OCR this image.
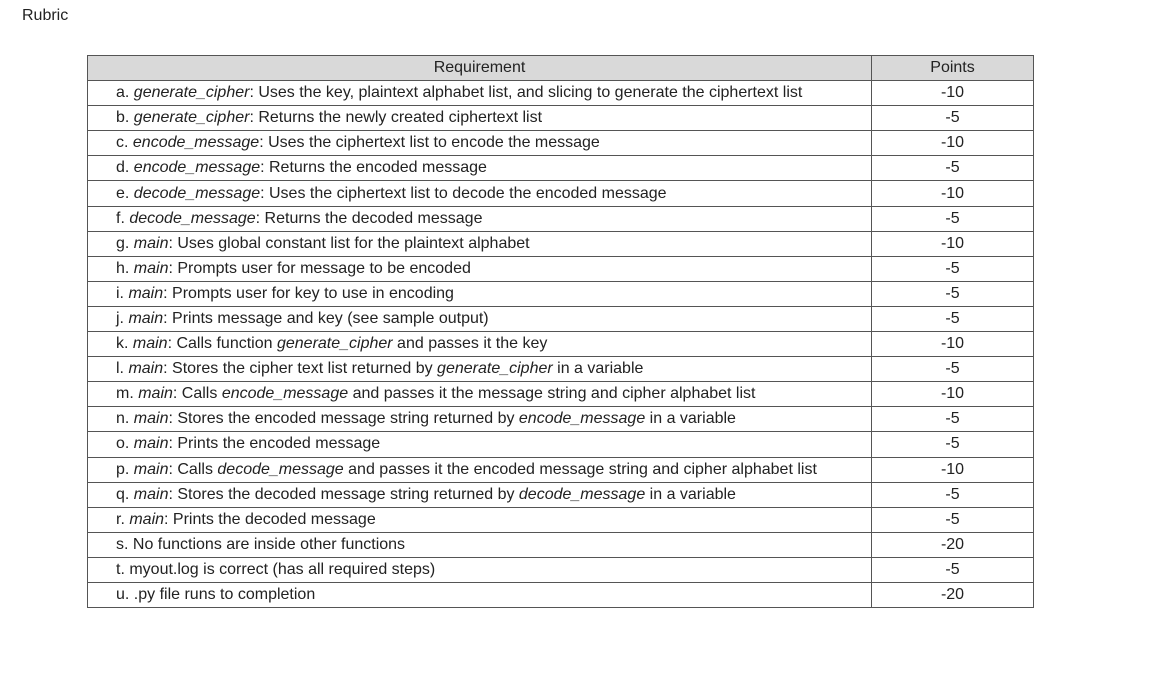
Rubric
Requirement	Points
a. generate_cipher: Uses the key, plaintext alphabet list, and slicing to generate the ciphertext list	-10
b. generate_cipher: Returns the newly created ciphertext list	-5
c. encode_message: Uses the ciphertext list to encode the message	-10
d. encode_message: Returns the encoded message	-5
e. decode_message: Uses the ciphertext list to decode the encoded message	-10
f. decode_message: Returns the decoded message	-5
g. main: Uses global constant list for the plaintext alphabet	-10
h. main: Prompts user for message to be encoded	-5
i. main: Prompts user for key to use in encoding	-5
j. main: Prints message and key (see sample output)	-5
k. main: Calls function generate_cipher and passes it the key	-10
l. main: Stores the cipher text list returned by generate_cipher in a variable	-5
m. main: Calls encode_message and passes it the message string and cipher alphabet list	-10
n. main: Stores the encoded message string returned by encode_message in a variable	-5
o. main: Prints the encoded message	-5
p. main: Calls decode_message and passes it the encoded message string and cipher alphabet list	-10
q. main: Stores the decoded message string returned by decode_message in a variable	-5
r. main: Prints the decoded message	-5
s. No functions are inside other functions	-20
t. myout.log is correct (has all required steps)	-5
u. .py file runs to completion	-20
